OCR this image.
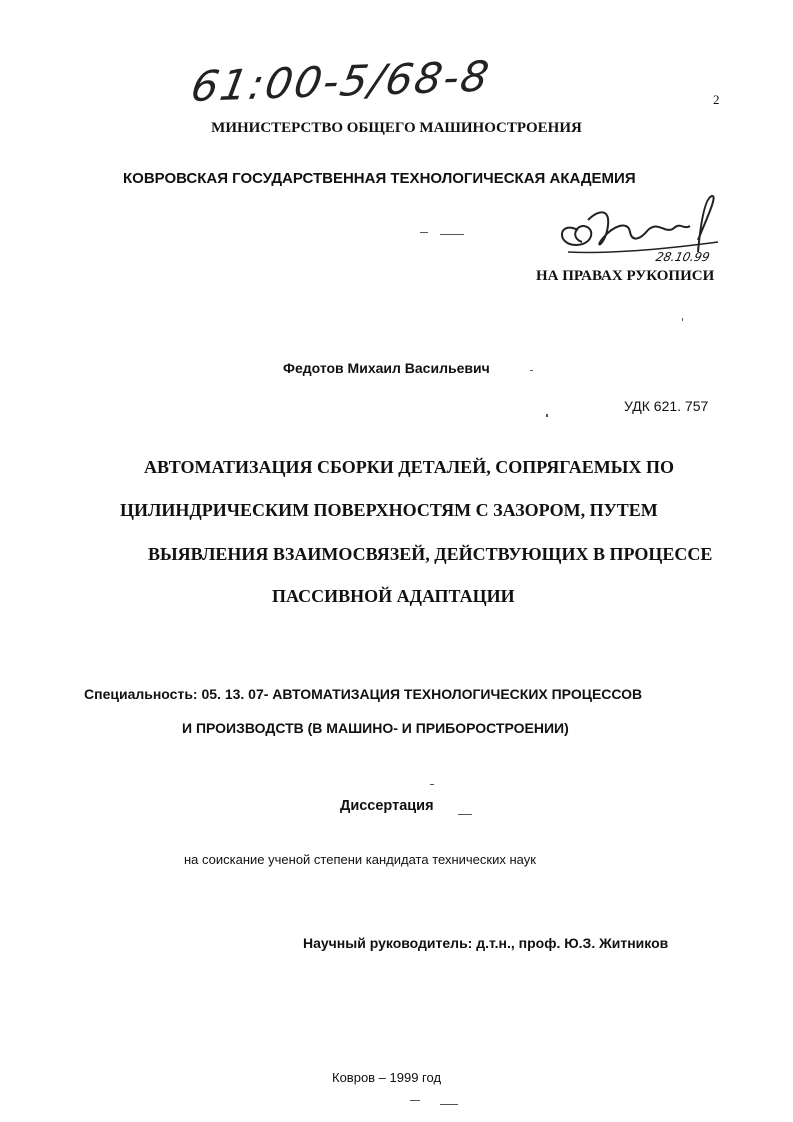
61:00-5/68-8	2
МИНИСТЕРСТВО ОБЩЕГО МАШИНОСТРОЕНИЯ
КОВРОВСКАЯ ГОСУДАРСТВЕННАЯ ТЕХНОЛОГИЧЕСКАЯ АКАДЕМИЯ
28.10.99
НА ПРАВАХ РУКОПИСИ
Федотов Михаил Васильевич
УДК 621. 757
АВТОМАТИЗАЦИЯ СБОРКИ ДЕТАЛЕЙ, СОПРЯГАЕМЫХ ПО
ЦИЛИНДРИЧЕСКИМ ПОВЕРХНОСТЯМ С ЗАЗОРОМ, ПУТЕМ
ВЫЯВЛЕНИЯ ВЗАИМОСВЯЗЕЙ, ДЕЙСТВУЮЩИХ В ПРОЦЕССЕ
ПАССИВНОЙ АДАПТАЦИИ
Специальность: 05. 13. 07- АВТОМАТИЗАЦИЯ ТЕХНОЛОГИЧЕСКИХ ПРОЦЕССОВ
И ПРОИЗВОДСТВ (В МАШИНО- И ПРИБОРОСТРОЕНИИ)
Диссертация
на соискание ученой степени кандидата технических наук
Научный руководитель: д.т.н., проф. Ю.З. Житников
Ковров – 1999 год
